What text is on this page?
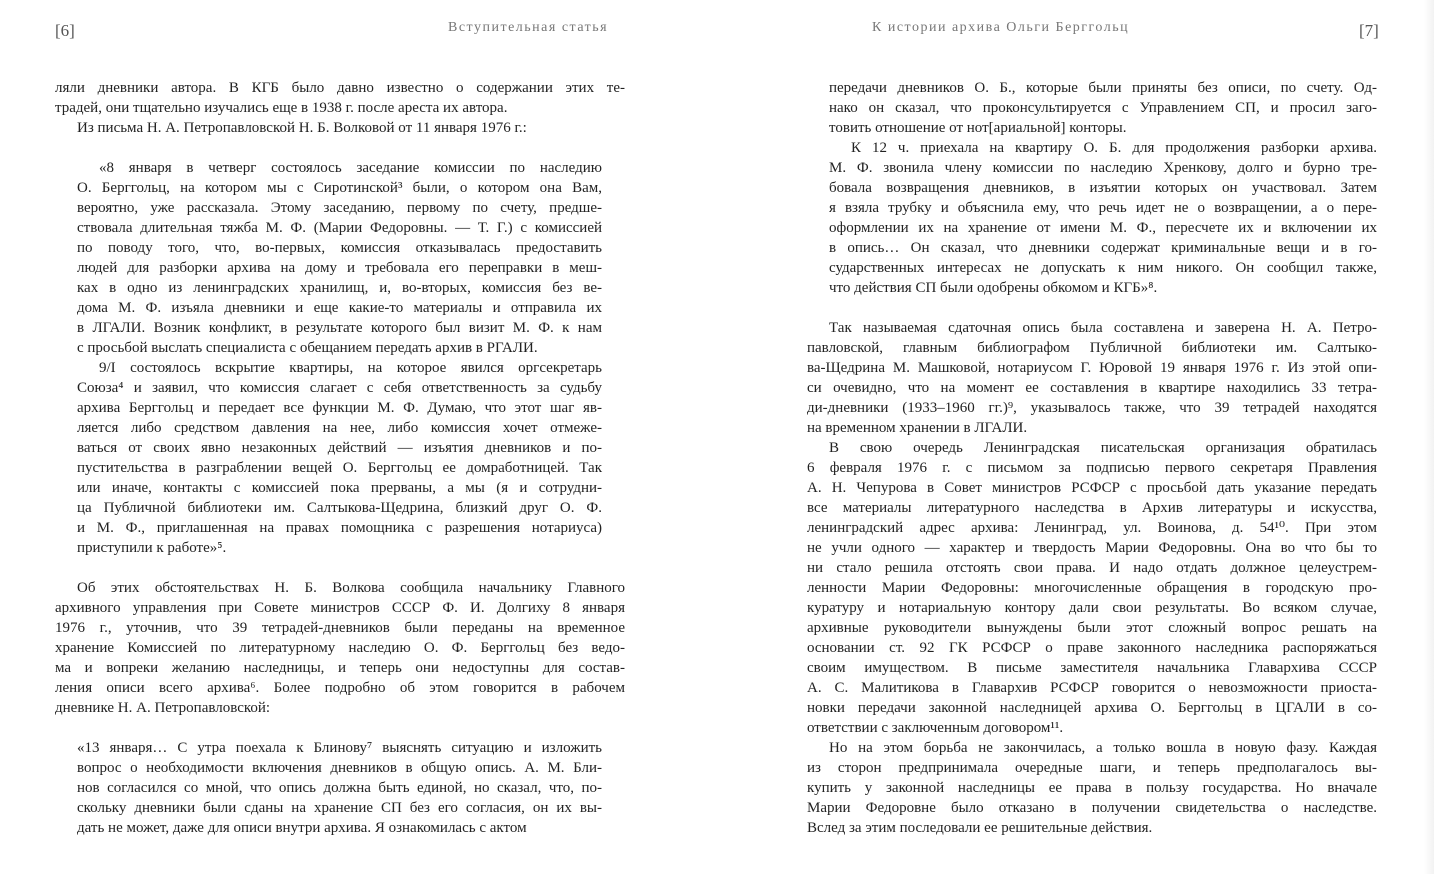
[6]	Вступительная статья

ляли дневники автора. В КГБ было давно известно о содержании этих те-
традей, они тщательно изучались еще в 1938 г. после ареста их автора.
Из письма Н. А. Петропавловской Н. Б. Волковой от 11 января 1976 г.:

«8 января в четверг состоялось заседание комиссии по наследию
О. Берггольц, на котором мы с Сиротинской³ были, о котором она Вам,
вероятно, уже рассказала. Этому заседанию, первому по счету, предше-
ствовала длительная тяжба М. Ф. (Марии Федоровны. — Т. Г.) с комиссией
по поводу того, что, во-первых, комиссия отказывалась предоставить
людей для разборки архива на дому и требовала его переправки в меш-
ках в одно из ленинградских хранилищ, и, во-вторых, комиссия без ве-
дома М. Ф. изъяла дневники и еще какие-то материалы и отправила их
в ЛГАЛИ. Возник конфликт, в результате которого был визит М. Ф. к нам
с просьбой выслать специалиста с обещанием передать архив в РГАЛИ.
9/I состоялось вскрытие квартиры, на которое явился оргсекретарь
Союза⁴ и заявил, что комиссия слагает с себя ответственность за судьбу
архива Берггольц и передает все функции М. Ф. Думаю, что этот шаг яв-
ляется либо средством давления на нее, либо комиссия хочет отмеже-
ваться от своих явно незаконных действий — изъятия дневников и по-
пустительства в разграблении вещей О. Берггольц ее домработницей. Так
или иначе, контакты с комиссией пока прерваны, а мы (я и сотрудни-
ца Публичной библиотеки им. Салтыкова-Щедрина, близкий друг О. Ф.
и М. Ф., приглашенная на правах помощника с разрешения нотариуса)
приступили к работе»⁵.

Об этих обстоятельствах Н. Б. Волкова сообщила начальнику Главного
архивного управления при Совете министров СССР Ф. И. Долгиху 8 января
1976 г., уточнив, что 39 тетрадей-дневников были переданы на временное
хранение Комиссией по литературному наследию О. Ф. Берггольц без ведо-
ма и вопреки желанию наследницы, и теперь они недоступны для состав-
ления описи всего архива⁶. Более подробно об этом говорится в рабочем
дневнике Н. А. Петропавловской:

«13 января… С утра поехала к Блинову⁷ выяснять ситуацию и изложить
вопрос о необходимости включения дневников в общую опись. А. М. Бли-
нов согласился со мной, что опись должна быть единой, но сказал, что, по-
скольку дневники были сданы на хранение СП без его согласия, он их вы-
дать не может, даже для описи внутри архива. Я ознакомилась с актом

К истории архива Ольги Берггольц	[7]

передачи дневников О. Б., которые были приняты без описи, по счету. Од-
нако он сказал, что проконсультируется с Управлением СП, и просил заго-
товить отношение от нот[ариальной] конторы.
К 12 ч. приехала на квартиру О. Б. для продолжения разборки архива.
М. Ф. звонила члену комиссии по наследию Хренкову, долго и бурно тре-
бовала возвращения дневников, в изъятии которых он участвовал. Затем
я взяла трубку и объяснила ему, что речь идет не о возвращении, а о пере-
оформлении их на хранение от имени М. Ф., пересчете их и включении их
в опись… Он сказал, что дневники содержат криминальные вещи и в го-
сударственных интересах не допускать к ним никого. Он сообщил также,
что действия СП были одобрены обкомом и КГБ»⁸.

Так называемая сдаточная опись была составлена и заверена Н. А. Петро-
павловской, главным библиографом Публичной библиотеки им. Салтыко-
ва-Щедрина М. Машковой, нотариусом Г. Юровой 19 января 1976 г. Из этой опи-
си очевидно, что на момент ее составления в квартире находились 33 тетра-
ди-дневники (1933–1960 гг.)⁹, указывалось также, что 39 тетрадей находятся
на временном хранении в ЛГАЛИ.
В свою очередь Ленинградская писательская организация обратилась
6 февраля 1976 г. с письмом за подписью первого секретаря Правления
А. Н. Чепурова в Совет министров РСФСР с просьбой дать указание передать
все материалы литературного наследства в Архив литературы и искусства,
ленинградский адрес архива: Ленинград, ул. Воинова, д. 54¹⁰. При этом
не учли одного — характер и твердость Марии Федоровны. Она во что бы то
ни стало решила отстоять свои права. И надо отдать должное целеустрем-
ленности Марии Федоровны: многочисленные обращения в городскую про-
куратуру и нотариальную контору дали свои результаты. Во всяком случае,
архивные руководители вынуждены были этот сложный вопрос решать на
основании ст. 92 ГК РСФСР о праве законного наследника распоряжаться
своим имуществом. В письме заместителя начальника Главархива СССР
А. С. Малитикова в Главархив РСФСР говорится о невозможности приоста-
новки передачи законной наследницей архива О. Берггольц в ЦГАЛИ в со-
ответствии с заключенным договором¹¹.
Но на этом борьба не закончилась, а только вошла в новую фазу. Каждая
из сторон предпринимала очередные шаги, и теперь предполагалось вы-
купить у законной наследницы ее права в пользу государства. Но вначале
Марии Федоровне было отказано в получении свидетельства о наследстве.
Вслед за этим последовали ее решительные действия.
